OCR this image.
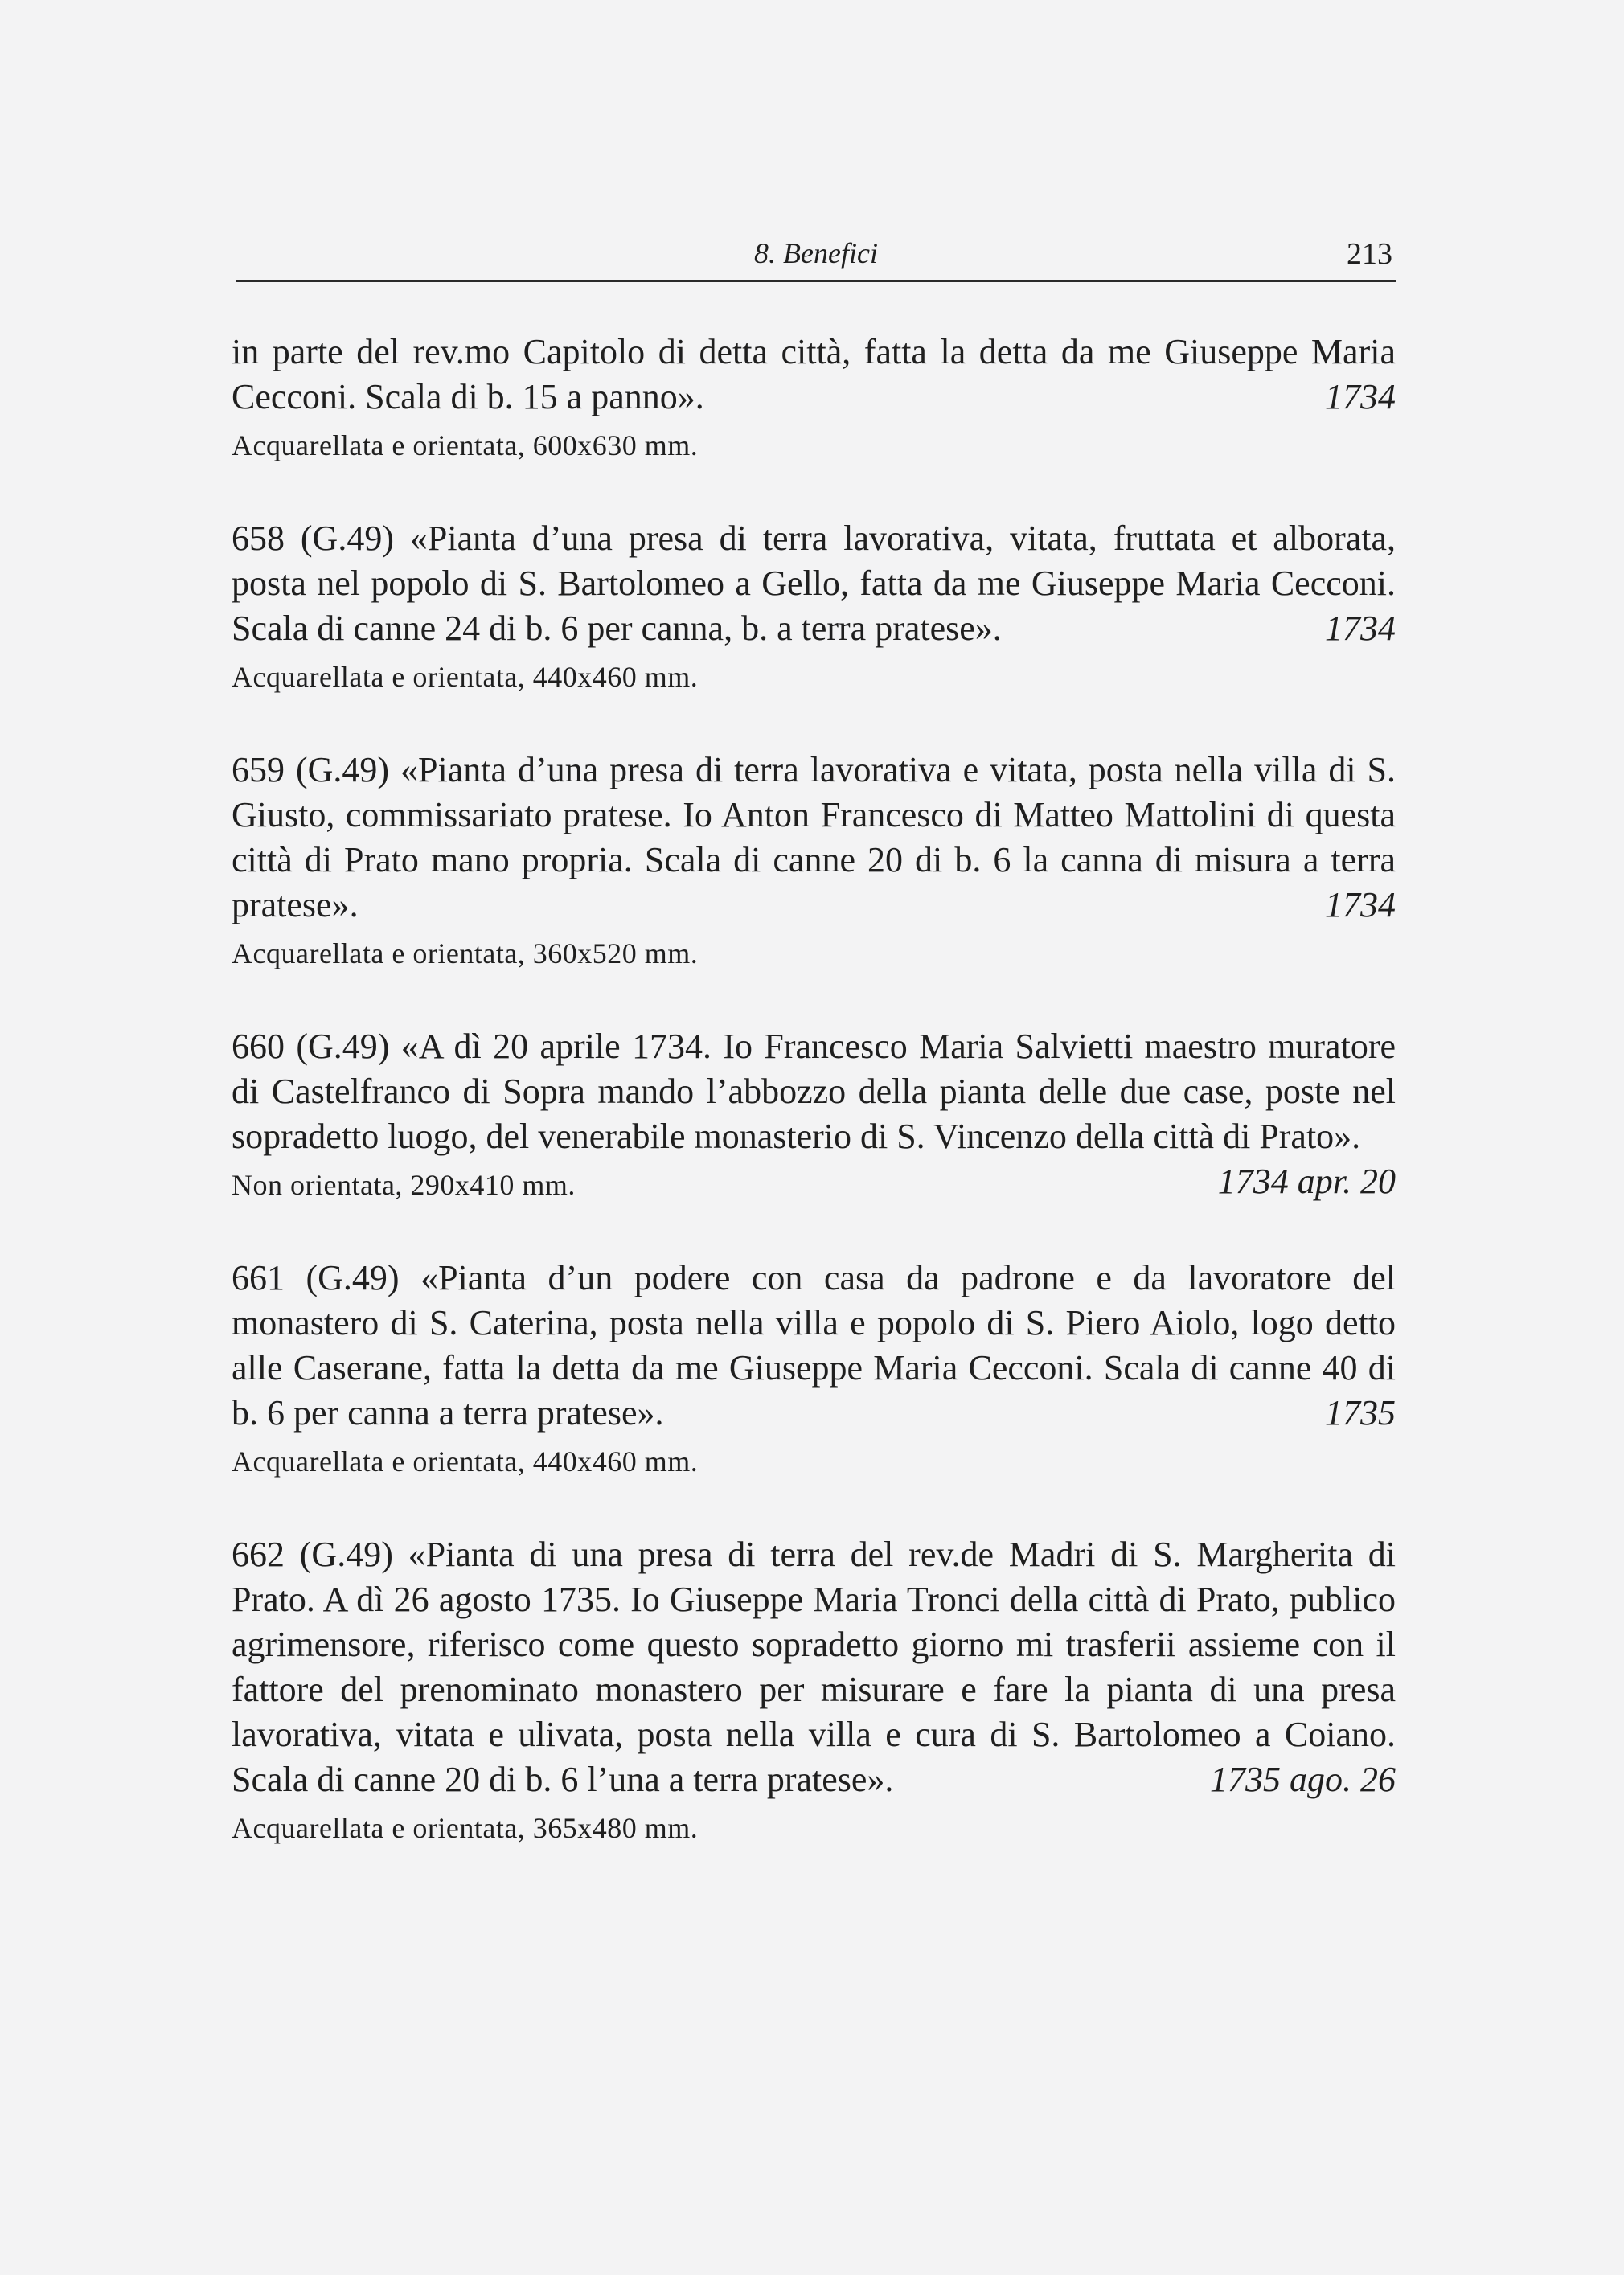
8. Benefici	213

in parte del rev.mo Capitolo di detta città, fatta la detta da me Giuseppe Maria Cecconi. Scala di b. 15 a panno».	1734

Acquarellata e orientata, 600x630 mm.

658 (G.49) «Pianta d’una presa di terra lavorativa, vitata, fruttata et alborata, posta nel popolo di S. Bartolomeo a Gello, fatta da me Giuseppe Maria Cecconi. Scala di canne 24 di b. 6 per canna, b. a terra pratese».	1734

Acquarellata e orientata, 440x460 mm.

659 (G.49) «Pianta d’una presa di terra lavorativa e vitata, posta nella villa di S. Giusto, commissariato pratese. Io Anton Francesco di Matteo Mattolini di questa città di Prato mano propria. Scala di canne 20 di b. 6 la canna di misura a terra pratese».	1734

Acquarellata e orientata, 360x520 mm.

660 (G.49) «A dì 20 aprile 1734. Io Francesco Maria Salvietti maestro muratore di Castelfranco di Sopra mando l’abbozzo della pianta delle due case, poste nel sopradetto luogo, del venerabile monasterio di S. Vincenzo della città di Prato».
1734 apr. 20

Non orientata, 290x410 mm.

661 (G.49) «Pianta d’un podere con casa da padrone e da lavoratore del monastero di S. Caterina, posta nella villa e popolo di S. Piero Aiolo, logo detto alle Caserane, fatta la detta da me Giuseppe Maria Cecconi. Scala di canne 40 di b. 6 per canna a terra pratese».	1735

Acquarellata e orientata, 440x460 mm.

662 (G.49) «Pianta di una presa di terra del rev.de Madri di S. Margherita di Prato. A dì 26 agosto 1735. Io Giuseppe Maria Tronci della città di Prato, publico agrimensore, riferisco come questo sopradetto giorno mi trasferii assieme con il fattore del prenominato monastero per misurare e fare la pianta di una presa lavorativa, vitata e ulivata, posta nella villa e cura di S. Bartolomeo a Coiano. Scala di canne 20 di b. 6 l’una a terra pratese».	1735 ago. 26

Acquarellata e orientata, 365x480 mm.
